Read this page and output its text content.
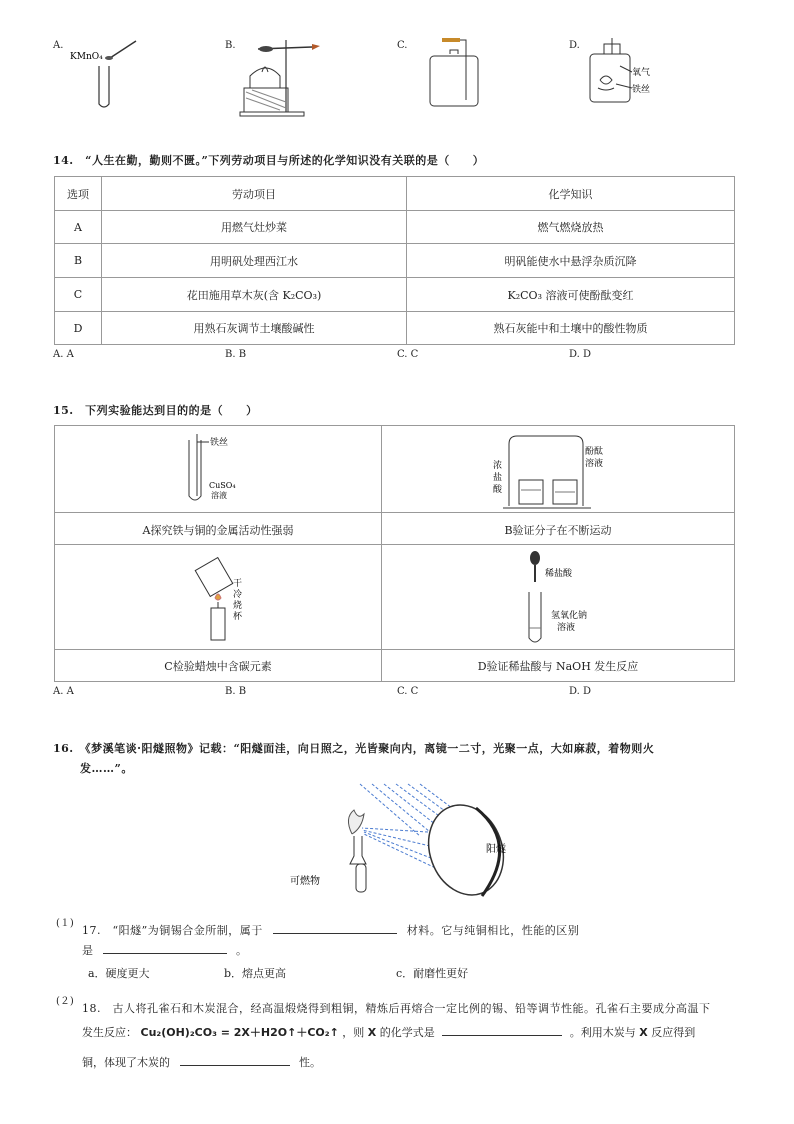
A.	B.	C.	D.
KMnO₄
氧气
铁丝
14.　“人生在勤，勤则不匮。”下列劳动项目与所述的化学知识没有关联的是（　　）
选项	劳动项目	化学知识
A	用燃气灶炒菜	燃气燃烧放热
B	用明矾处理西江水	明矾能使水中悬浮杂质沉降
C	花田施用草木灰(含 K₂CO₃)	K₂CO₃ 溶液可使酚酞变红
D	用熟石灰调节土壤酸碱性	熟石灰能中和土壤中的酸性物质
A. A	B. B	C. C	D. D
15.　下列实验能达到目的的是（　　）
铁丝
CuSO₄
溶液
浓
盐
酸
酚酞
溶液
A探究铁与铜的金属活动性强弱	B验证分子在不断运动
干
冷
烧
杯
稀盐酸
氢氧化钠
溶液
C检验蜡烛中含碳元素	D验证稀盐酸与 NaOH 发生反应
A. A	B. B	C. C	D. D
16.　《梦溪笔谈·阳燧照物》记载：“阳燧面洼，向日照之，光皆聚向内，离镜一二寸，光聚一点，大如麻菽，着物则火
发……”。
阳燧
可燃物
(１)
17.　“阳燧”为铜锡合金所制，属于	材料。它与纯铜相比，性能的区别
是	。
a．硬度更大	b．熔点更高	c．耐磨性更好
(２)
18.　古人将孔雀石和木炭混合，经高温煅烧得到粗铜，精炼后再熔合一定比例的锡、铅等调节性能。孔雀石主要成分高温下
发生反应： Cu₂(OH)₂CO₃ = 2X＋H2O↑＋CO₂↑ ，则 X 的化学式是	。利用木炭与 X 反应得到
铜，体现了木炭的	性。
